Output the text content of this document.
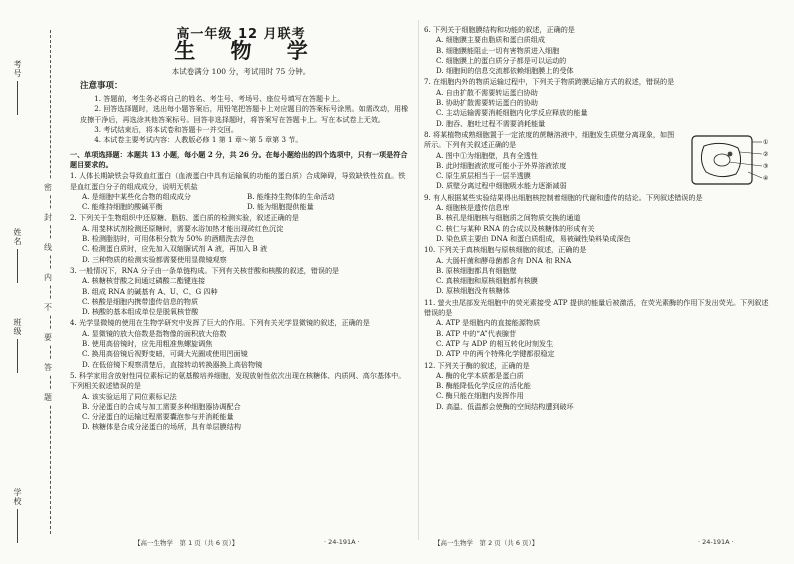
考号
姓名
班级
学校
密
封
线
内
不
要
答
题
高一年级 12 月联考
生 物 学
本试卷满分 100 分，考试用时 75 分钟。
注意事项：
1. 答题前，考生务必将自己的姓名、考生号、考场号、座位号填写在答题卡上。
2. 回答选择题时，选出每小题答案后，用铅笔把答题卡上对应题目的答案标号涂黑。如需改动，用橡皮擦干净后，再选涂其他答案标号。回答非选择题时，将答案写在答题卡上。写在本试卷上无效。
3. 考试结束后，将本试卷和答题卡一并交回。
4. 本试卷主要考试内容：人教版必修 1 第 1 章～第 5 章第 3 节。
一、单项选择题：本题共 13 小题，每小题 2 分，共 26 分。在每小题给出的四个选项中，只有一项是符合题目要求的。
1. 人体长期缺铁会导致血红蛋白（血液蛋白中具有运输氧的功能的蛋白质）合成障碍，导致缺铁性贫血。铁是血红蛋白分子的组成成分，说明无机盐
A. 是细胞中某些化合物的组成成分	B. 能维持生物体的生命活动
C. 能维持细胞的酸碱平衡	D. 能为细胞提供能量
2. 下列关于生物组织中还原糖、脂肪、蛋白质的检测实验，叙述正确的是
A. 用斐林试剂检测还原糖时，需要水浴加热才能出现砖红色沉淀
B. 检测脂肪时，可用体积分数为 50% 的酒精洗去浮色
C. 检测蛋白质时，应先加入双缩脲试剂 A 液，再加入 B 液
D. 三种物质的检测实验都需要使用显微镜观察
3. 一般情况下，RNA 分子由一条单链构成。下列有关核苷酸和核酸的叙述，错误的是
A. 核糖核苷酸之间通过磷酸二酯键连接
B. 组成 RNA 的碱基有 A、U、C、G 四种
C. 核酸是细胞内携带遗传信息的物质
D. 核酸的基本组成单位是脱氧核苷酸
4. 光学显微镜的使用在生物学研究中发挥了巨大的作用。下列有关光学显微镜的叙述，正确的是
A. 显微镜的放大倍数是指物像的面积放大倍数
B. 使用高倍镜时，应先用粗准焦螺旋调焦
C. 换用高倍镜后视野变暗，可调大光圈或使用凹面镜
D. 在低倍镜下观察清楚后，直接转动转换器换上高倍物镜
5. 科学家用含放射性同位素标记的氨基酸培养细胞，发现放射性依次出现在核糖体、内质网、高尔基体中。下列相关叙述错误的是
A. 该实验运用了同位素标记法
B. 分泌蛋白的合成与加工需要多种细胞器协调配合
C. 分泌蛋白的运输过程需要囊泡参与并消耗能量
D. 核糖体是合成分泌蛋白的场所，具有单层膜结构
6. 下列关于细胞膜结构和功能的叙述，正确的是
A. 细胞膜主要由脂质和蛋白质组成
B. 细胞膜能阻止一切有害物质进入细胞
C. 细胞膜上的蛋白质分子都是可以运动的
D. 细胞间的信息交流都依赖细胞膜上的受体
7. 在细胞内外的物质运输过程中，下列关于物质跨膜运输方式的叙述，错误的是
A. 自由扩散不需要转运蛋白协助
B. 协助扩散需要转运蛋白的协助
C. 主动运输需要消耗细胞内化学反应释放的能量
D. 胞吞、胞吐过程不需要消耗能量
8. 将某植物成熟细胞置于一定浓度的蔗糖溶液中，细胞发生质壁分离现象，如图所示。下列有关叙述正确的是
A. 图中①为细胞壁，具有全透性
B. 此时细胞液浓度可能小于外界溶液浓度
C. 原生质层相当于一层半透膜
D. 质壁分离过程中细胞吸水能力逐渐减弱
①
②
③
④
9. 有人根据某些实验结果得出细胞核控制着细胞的代谢和遗传的结论。下列叙述错误的是
A. 细胞核是遗传信息库
B. 核孔是细胞核与细胞质之间物质交换的通道
C. 核仁与某种 RNA 的合成以及核糖体的形成有关
D. 染色质主要由 DNA 和蛋白质组成，易被碱性染料染成深色
10. 下列关于真核细胞与原核细胞的叙述，正确的是
A. 大肠杆菌和酵母菌都含有 DNA 和 RNA
B. 原核细胞都具有细胞壁
C. 真核细胞和原核细胞都有核膜
D. 原核细胞没有核糖体
11. 萤火虫尾部发光细胞中的荧光素接受 ATP 提供的能量后被激活，在荧光素酶的作用下发出荧光。下列叙述错误的是
A. ATP 是细胞内的直接能源物质
B. ATP 中的“A”代表腺苷
C. ATP 与 ADP 的相互转化时刻发生
D. ATP 中的两个特殊化学键都很稳定
12. 下列关于酶的叙述，正确的是
A. 酶的化学本质都是蛋白质
B. 酶能降低化学反应的活化能
C. 酶只能在细胞内发挥作用
D. 高温、低温都会使酶的空间结构遭到破坏
【高一生物学　第 1 页（共 6 页）】	· 24-191A ·	【高一生物学　第 2 页（共 6 页）】	· 24-191A ·
